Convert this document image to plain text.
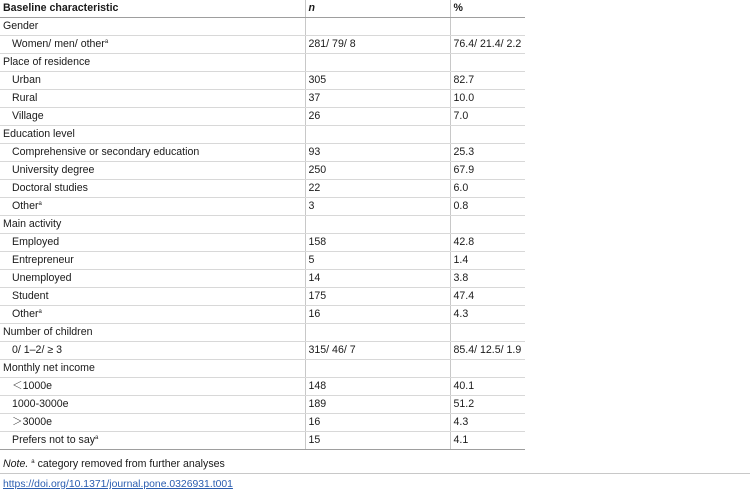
Baseline characteristic	n	%
Gender		
Women/ men/ other$^a$	281/ 79/ 8	76.4/ 21.4/ 2.2
Place of residence		
Urban	305	82.7
Rural	37	10.0
Village	26	7.0
Education level		
Comprehensive or secondary education	93	25.3
University degree	250	67.9
Doctoral studies	22	6.0
Other$^a$	3	0.8
Main activity		
Employed	158	42.8
Entrepreneur	5	1.4
Unemployed	14	3.8
Student	175	47.4
Other$^a$	16	4.3
Number of children		
0/ 1–2/ ≥ 3	315/ 46/ 7	85.4/ 12.5/ 1.9
Monthly net income		
＜1000e	148	40.1
1000-3000e	189	51.2
＞3000e	16	4.3
Prefers not to say$^a$	15	4.1
Note. $^a$ category removed from further analyses
https://doi.org/10.1371/journal.pone.0326931.t001
